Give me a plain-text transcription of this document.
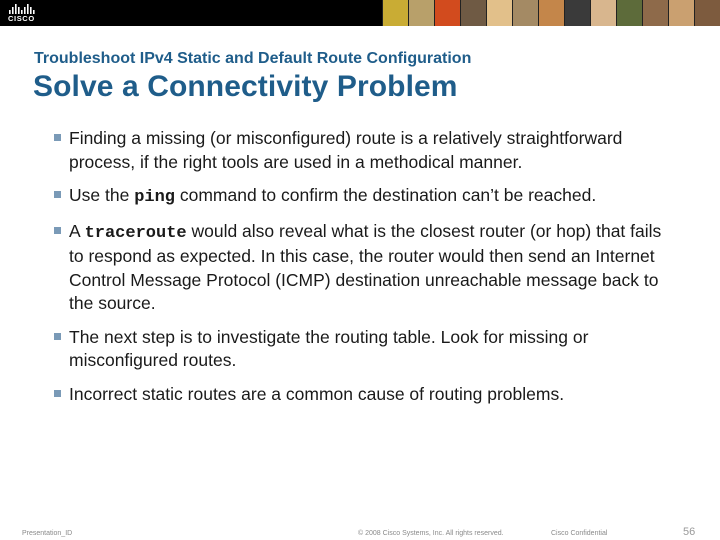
CISCO
Troubleshoot IPv4 Static and Default Route Configuration
Solve a Connectivity Problem
Finding a missing (or misconfigured) route is a relatively straightforward process, if the right tools are used in a methodical manner.
Use the ping command to confirm the destination can’t be reached.
A traceroute would also reveal what is the closest router (or hop) that fails to respond as expected. In this case, the router would then send an Internet Control Message Protocol (ICMP) destination unreachable message back to the source.
The next step is to investigate the routing table. Look for missing or misconfigured routes.
Incorrect static routes are a common cause of routing problems.
Presentation_ID	© 2008 Cisco Systems, Inc. All rights reserved.	Cisco Confidential	56
